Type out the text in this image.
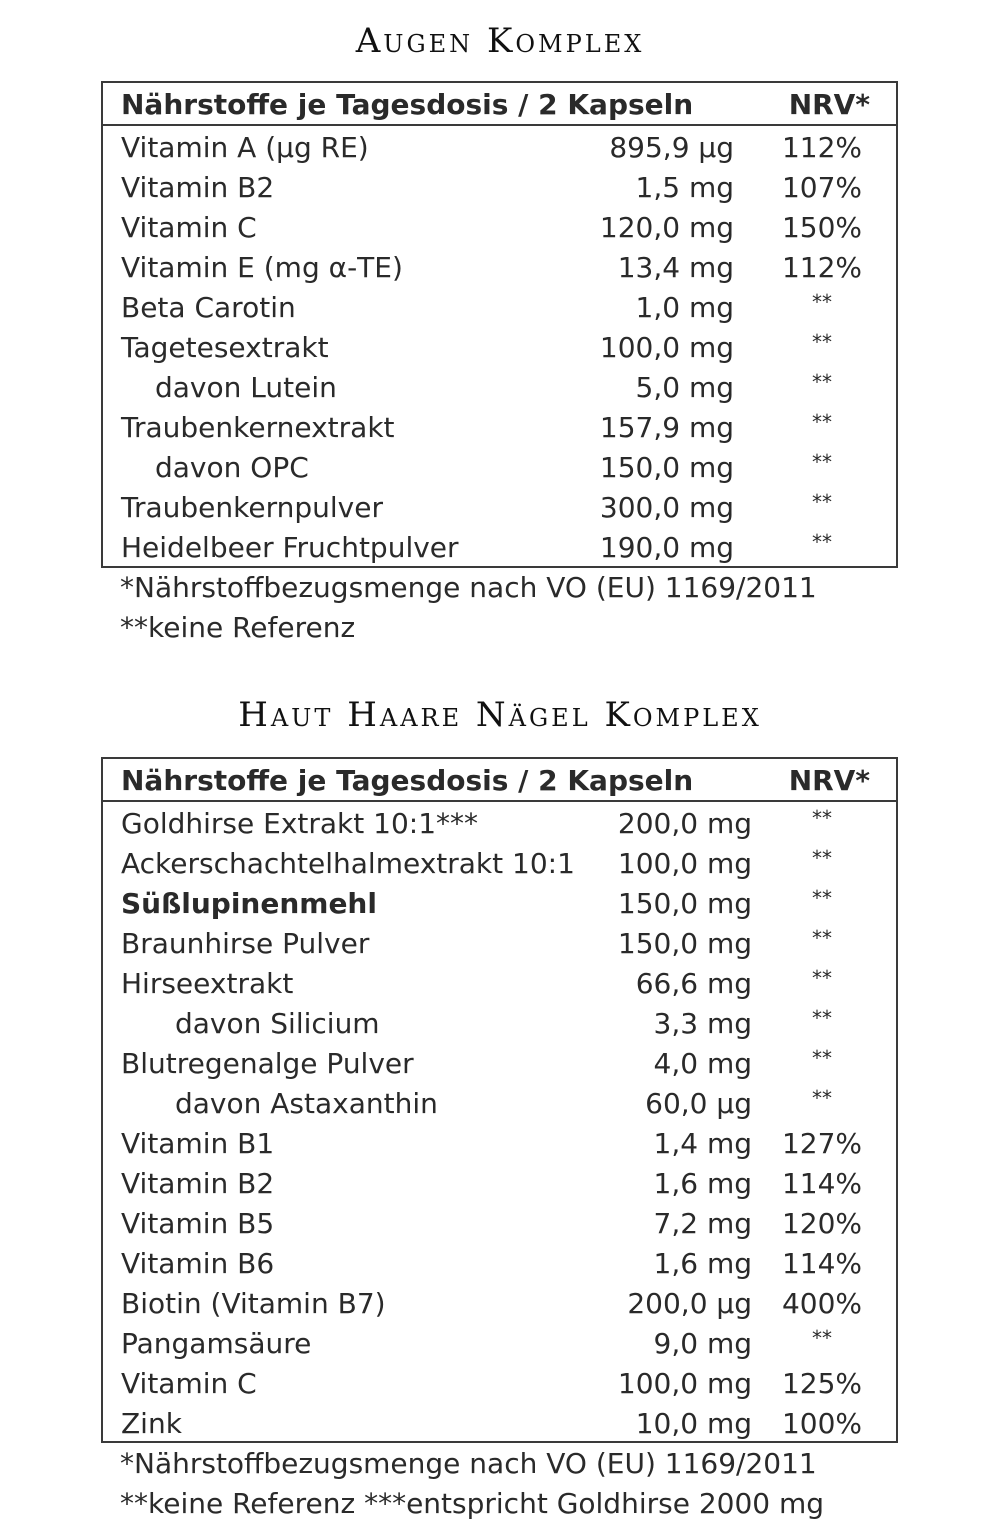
Augen Komplex
Nährstoffe je Tagesdosis / 2 Kapseln	NRV*
Vitamin A (µg RE)	895,9 µg 112%
Vitamin B2	1,5 mg 107%
Vitamin C	120,0 mg 150%
Vitamin E (mg α-TE)	13,4 mg 112%
Beta Carotin	1,0 mg	**
Tagetesextrakt	100,0 mg	**
davon Lutein	5,0 mg	**
Traubenkernextrakt	157,9 mg	**
davon OPC	150,0 mg	**
Traubenkernpulver	300,0 mg	**
Heidelbeer Fruchtpulver	190,0 mg	**
*Nährstoffbezugsmenge nach VO (EU) 1169/2011
**keine Referenz
Haut Haare Nägel Komplex
Nährstoffe je Tagesdosis / 2 Kapseln	NRV*
Goldhirse Extrakt 10:1***	200,0 mg	**
Ackerschachtelhalmextrakt 10:1 100,0 mg	**
Süßlupinenmehl	150,0 mg	**
Braunhirse Pulver	150,0 mg	**
Hirseextrakt	66,6 mg	**
davon Silicium	3,3 mg	**
Blutregenalge Pulver	4,0 mg	**
davon Astaxanthin	60,0 µg	**
Vitamin B1	1,4 mg 127%
Vitamin B2	1,6 mg 114%
Vitamin B5	7,2 mg 120%
Vitamin B6	1,6 mg 114%
Biotin (Vitamin B7)	200,0 µg 400%
Pangamsäure	9,0 mg	**
Vitamin C	100,0 mg 125%
Zink	10,0 mg 100%
*Nährstoffbezugsmenge nach VO (EU) 1169/2011
**keine Referenz ***entspricht Goldhirse 2000 mg
